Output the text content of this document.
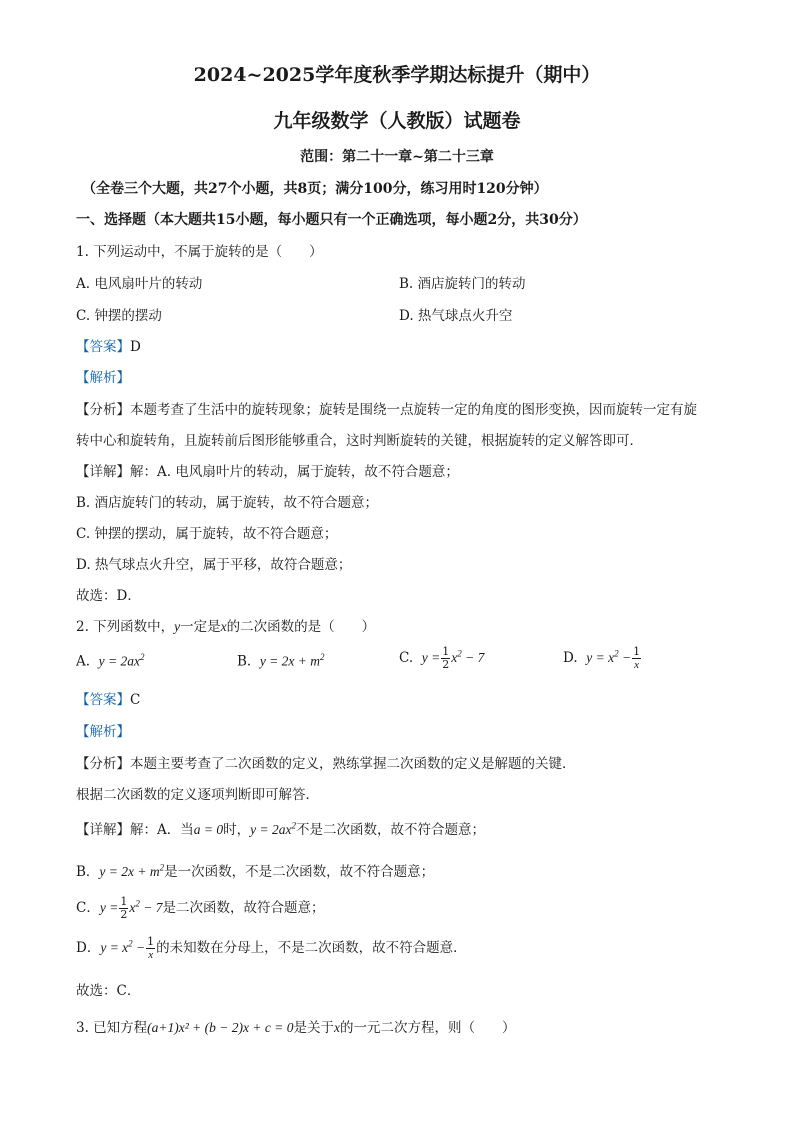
2024~2025学年度秋季学期达标提升（期中）
九年级数学（人教版）试题卷
范围：第二十一章~第二十三章
（全卷三个大题，共27个小题，共8页；满分100分，练习用时120分钟）
一、选择题（本大题共15小题，每小题只有一个正确选项，每小题2分，共30分）
1. 下列运动中，不属于旋转的是（　　）
A. 电风扇叶片的转动	B. 酒店旋转门的转动
C. 钟摆的摆动	D. 热气球点火升空
【答案】D
【解析】
【分析】本题考查了生活中的旋转现象；旋转是围绕一点旋转一定的角度的图形变换，因而旋转一定有旋
转中心和旋转角，且旋转前后图形能够重合，这时判断旋转的关键，根据旋转的定义解答即可．
【详解】解：A. 电风扇叶片的转动，属于旋转，故不符合题意；
B. 酒店旋转门的转动，属于旋转，故不符合题意；
C. 钟摆的摆动，属于旋转，故不符合题意；
D. 热气球点火升空，属于平移，故符合题意；
故选：D．
2. 下列函数中，y一定是x的二次函数的是（　　）
A. $y = 2ax^2$	B. $y = 2x + m^2$	C. $y = \frac{1}{2} x^2 - 7$	D. $y = x^2 - \frac{1}{x}$
【答案】C
【解析】
【分析】本题主要考查了二次函数的定义，熟练掌握二次函数的定义是解题的关键．
根据二次函数的定义逐项判断即可解答．
【详解】解：A．当a = 0时，$y = 2ax^2$不是二次函数，故不符合题意；
B．$y = 2x + m^2$是一次函数，不是二次函数，故不符合题意；
C．$y = \frac{1}{2} x^2 - 7$是二次函数，故符合题意；
D．$y = x^2 - \frac{1}{x}$ 的未知数在分母上，不是二次函数，故不符合题意．
故选：C．
3. 已知方程(a+1)x² + (b − 2)x + c = 0是关于x的一元二次方程，则（　　）
